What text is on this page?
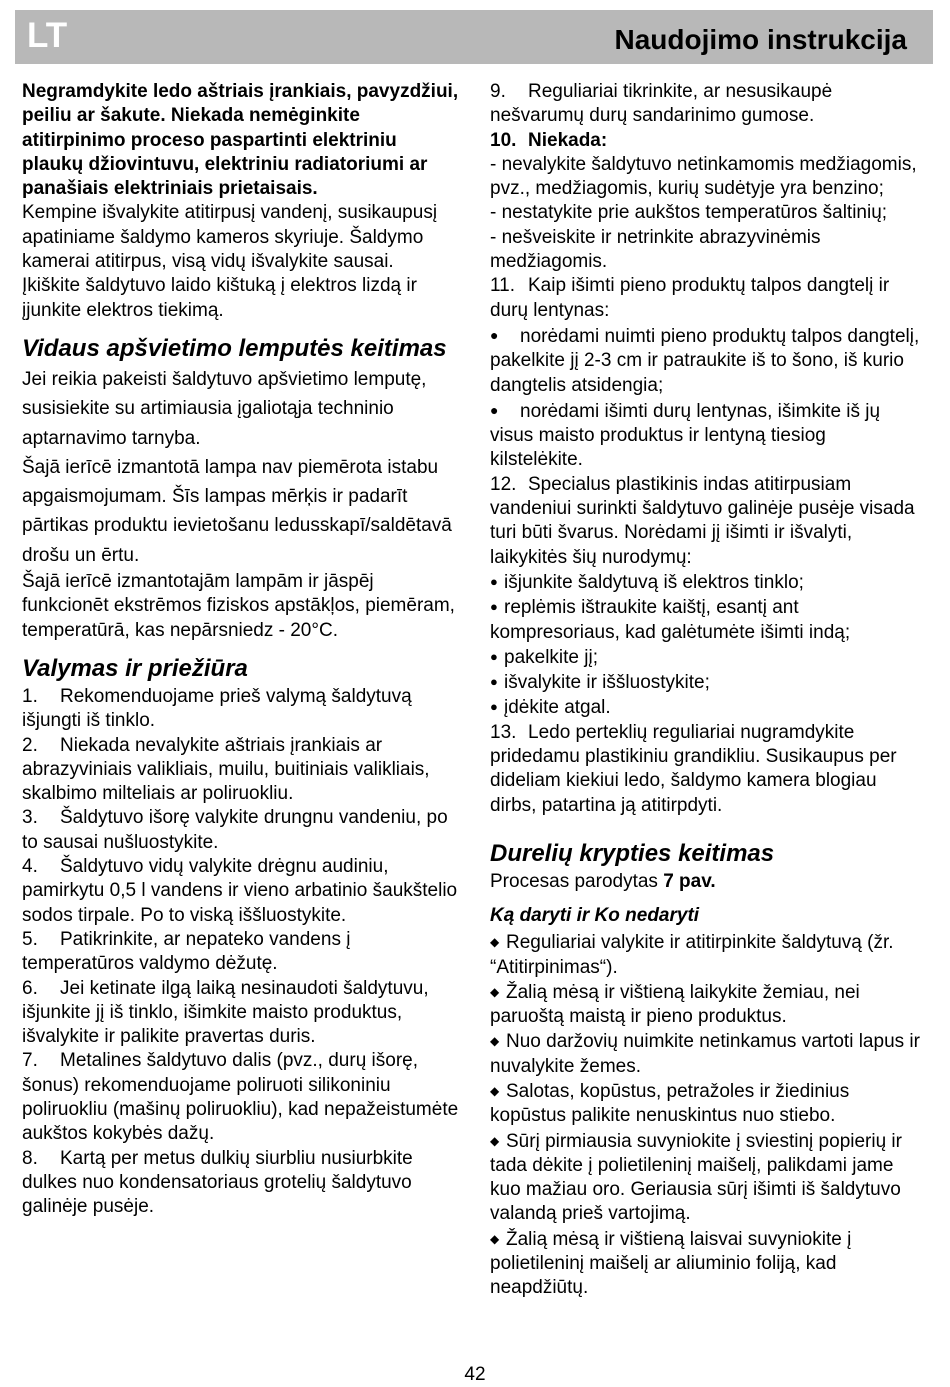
LT	Naudojimo instrukcija

Negramdykite ledo aštriais įrankiais, pavyzdžiui, peiliu ar šakute. Niekada nemėginkite atitirpinimo proceso paspartinti elektriniu plaukų džiovintuvu, elektriniu radiatoriumi ar panašiais elektriniais prietaisais.

Kempine išvalykite atitirpusį vandenį, susikaupusį apatiniame šaldymo kameros skyriuje. Šaldymo kamerai atitirpus, visą vidų išvalykite sausai.

Įkiškite šaldytuvo laido kištuką į elektros lizdą ir įjunkite elektros tiekimą.

Vidaus apšvietimo lemputės keitimas

Jei reikia pakeisti šaldytuvo apšvietimo lemputę, susisiekite su artimiausia įgaliotąja techninio aptarnavimo tarnyba.

Šajā ierīcē izmantotā lampa nav piemērota istabu apgaismojumam. Šīs lampas mērķis ir padarīt pārtikas produktu ievietošanu ledusskapī/saldētavā drošu un ērtu.

Šajā ierīcē izmantotajām lampām ir jāspēj funkcionēt ekstrēmos fiziskos apstākļos, piemēram, temperatūrā, kas nepārsniedz - 20°C.

Valymas ir priežiūra

1. Rekomenduojame prieš valymą šaldytuvą išjungti iš tinklo.

2. Niekada nevalykite aštriais įrankiais ar abrazyviniais valikliais, muilu, buitiniais valikliais, skalbimo milteliais ar poliruokliu.

3. Šaldytuvo išorę valykite drungnu vandeniu, po to sausai nušluostykite.

4. Šaldytuvo vidų valykite drėgnu audiniu, pamirkytu 0,5 l vandens ir vieno arbatinio šaukštelio sodos tirpale. Po to viską iššluostykite.

5. Patikrinkite, ar nepateko vandens į temperatūros valdymo dėžutę.

6. Jei ketinate ilgą laiką nesinaudoti šaldytuvu, išjunkite jį iš tinklo, išimkite maisto produktus, išvalykite ir palikite pravertas duris.

7. Metalines šaldytuvo dalis (pvz., durų išorę, šonus) rekomenduojame poliruoti silikoniniu poliruokliu (mašinų poliruokliu), kad nepažeistumėte aukštos kokybės dažų.

8. Kartą per metus dulkių siurbliu nusiurbkite dulkes nuo kondensatoriaus grotelių šaldytuvo galinėje pusėje.

9. Reguliariai tikrinkite, ar nesusikaupė nešvarumų durų sandarinimo gumose.

10. Niekada:

- nevalykite šaldytuvo netinkamomis medžiagomis, pvz., medžiagomis, kurių sudėtyje yra benzino;

- nestatykite prie aukštos temperatūros šaltinių;

- nešveiskite ir netrinkite abrazyvinėmis medžiagomis.

11. Kaip išimti pieno produktų talpos dangtelį ir durų lentynas:

● norėdami nuimti pieno produktų talpos dangtelį, pakelkite jį 2-3 cm ir patraukite iš to šono, iš kurio dangtelis atsidengia;

● norėdami išimti durų lentynas, išimkite iš jų visus maisto produktus ir lentyną tiesiog kilstelėkite.

12. Specialus plastikinis indas atitirpusiam vandeniui surinkti šaldytuvo galinėje pusėje visada turi būti švarus. Norėdami jį išimti ir išvalyti, laikykitės šių nurodymų:

● išjunkite šaldytuvą iš elektros tinklo;

● replėmis ištraukite kaištį, esantį ant kompresoriaus, kad galėtumėte išimti indą;

● pakelkite jį;

● išvalykite ir iššluostykite;

● įdėkite atgal.

13. Ledo perteklių reguliariai nugramdykite pridedamu plastikiniu grandikliu. Susikaupus per dideliam kiekiui ledo, šaldymo kamera blogiau dirbs, patartina ją atitirpdyti.

Durelių krypties keitimas

Procesas parodytas 7 pav.

Ką daryti ir Ko nedaryti

◆ Reguliariai valykite ir atitirpinkite šaldytuvą (žr. “Atitirpinimas“).

◆ Žalią mėsą ir vištieną laikykite žemiau, nei paruoštą maistą ir pieno produktus.

◆ Nuo daržovių nuimkite netinkamus vartoti lapus ir nuvalykite žemes.

◆ Salotas, kopūstus, petražoles ir žiedinius kopūstus palikite nenuskintus nuo stiebo.

◆ Sūrį pirmiausia suvyniokite į sviestinį popierių ir tada dėkite į polietileninį maišelį, palikdami jame kuo mažiau oro. Geriausia sūrį išimti iš šaldytuvo valandą prieš vartojimą.

◆ Žalią mėsą ir vištieną laisvai suvyniokite į polietileninį maišelį ar aliuminio foliją, kad neapdžiūtų.

42
